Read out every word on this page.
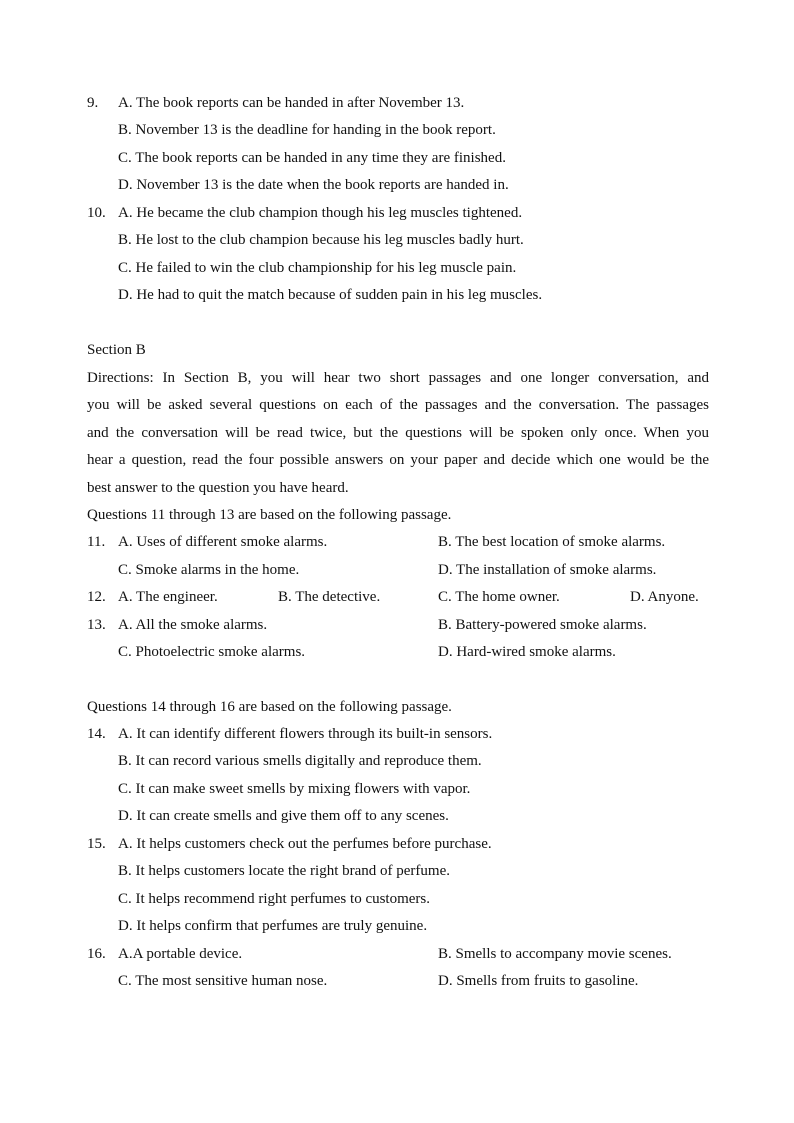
9. A. The book reports can be handed in after November 13.
B. November 13 is the deadline for handing in the book report.
C. The book reports can be handed in any time they are finished.
D. November 13 is the date when the book reports are handed in.
10. A. He became the club champion though his leg muscles tightened.
B. He lost to the club champion because his leg muscles badly hurt.
C. He failed to win the club championship for his leg muscle pain.
D. He had to quit the match because of sudden pain in his leg muscles.
Section B
Directions: In Section B, you will hear two short passages and one longer conversation, and
you will be asked several questions on each of the passages and the conversation. The passages
and the conversation will be read twice, but the questions will be spoken only once. When you
hear a question, read the four possible answers on your paper and decide which one would be the
best answer to the question you have heard.
Questions 11 through 13 are based on the following passage.
11. A. Uses of different smoke alarms.	B. The best location of smoke alarms.
C. Smoke alarms in the home.	D. The installation of smoke alarms.
12. A. The engineer.	B. The detective.	C. The home owner.	D. Anyone.
13. A. All the smoke alarms.	B. Battery-powered smoke alarms.
C. Photoelectric smoke alarms.	D. Hard-wired smoke alarms.
Questions 14 through 16 are based on the following passage.
14. A. It can identify different flowers through its built-in sensors.
B. It can record various smells digitally and reproduce them.
C. It can make sweet smells by mixing flowers with vapor.
D. It can create smells and give them off to any scenes.
15. A. It helps customers check out the perfumes before purchase.
B. It helps customers locate the right brand of perfume.
C. It helps recommend right perfumes to customers.
D. It helps confirm that perfumes are truly genuine.
16. A.A portable device.	B. Smells to accompany movie scenes.
C. The most sensitive human nose.	D. Smells from fruits to gasoline.
